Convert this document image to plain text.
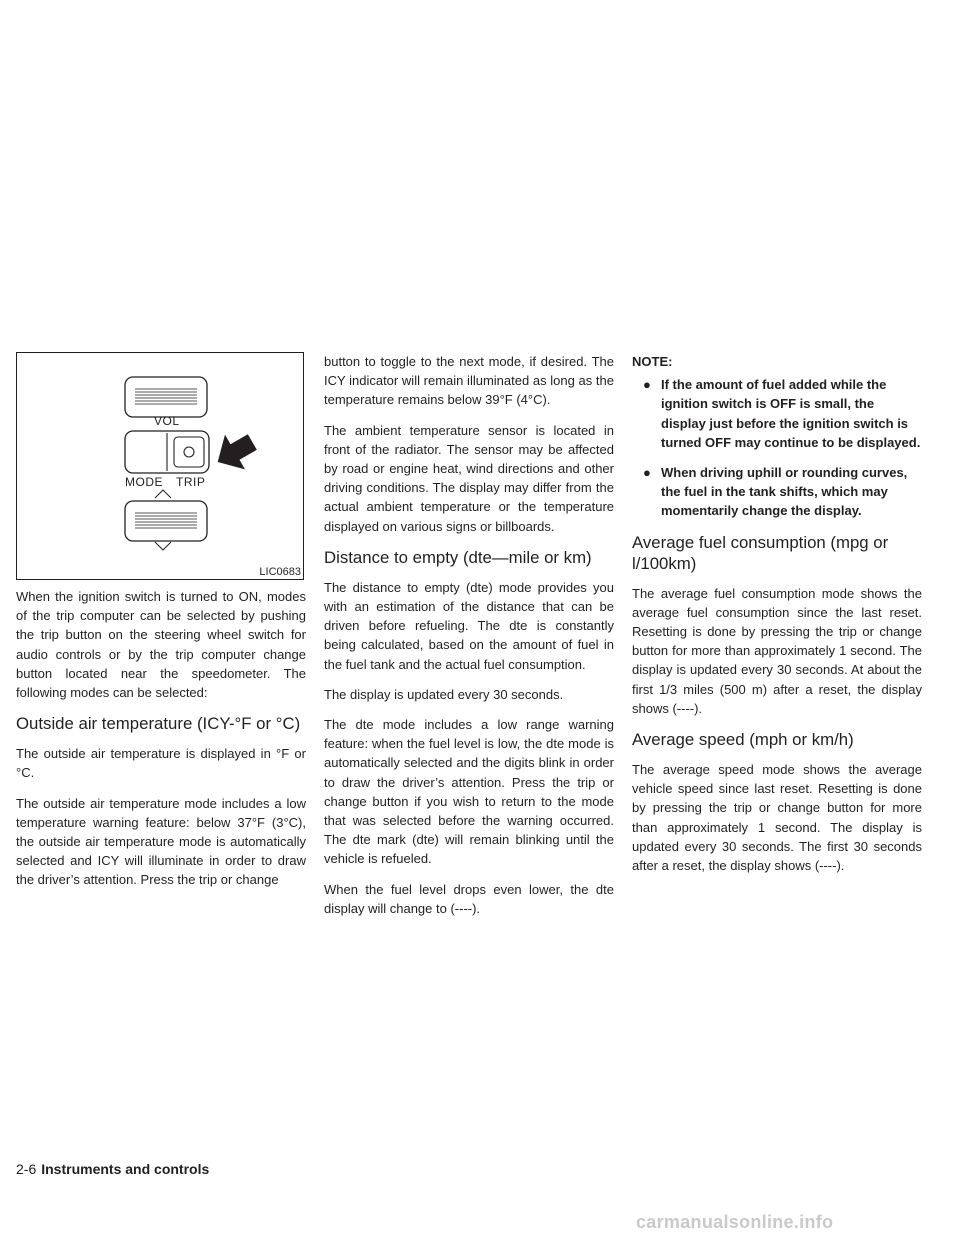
VOL
MODE TRIP
LIC0683

When the ignition switch is turned to ON, modes of the trip computer can be selected by pushing the trip button on the steering wheel switch for audio controls or by the trip computer change button located near the speedometer. The following modes can be selected:

Outside air temperature (ICY-°F or °C)

The outside air temperature is displayed in °F or °C.

The outside air temperature mode includes a low temperature warning feature: below 37°F (3°C), the outside air temperature mode is automatically selected and ICY will illuminate in order to draw the driver’s attention. Press the trip or change

button to toggle to the next mode, if desired. The ICY indicator will remain illuminated as long as the temperature remains below 39°F (4°C).

The ambient temperature sensor is located in front of the radiator. The sensor may be affected by road or engine heat, wind directions and other driving conditions. The display may differ from the actual ambient temperature or the temperature displayed on various signs or billboards.

Distance to empty (dte—mile or km)

The distance to empty (dte) mode provides you with an estimation of the distance that can be driven before refueling. The dte is constantly being calculated, based on the amount of fuel in the fuel tank and the actual fuel consumption.

The display is updated every 30 seconds.

The dte mode includes a low range warning feature: when the fuel level is low, the dte mode is automatically selected and the digits blink in order to draw the driver’s attention. Press the trip or change button if you wish to return to the mode that was selected before the warning occurred. The dte mark (dte) will remain blinking until the vehicle is refueled.

When the fuel level drops even lower, the dte display will change to (----).

NOTE:
● If the amount of fuel added while the ignition switch is OFF is small, the display just before the ignition switch is turned OFF may continue to be displayed.
● When driving uphill or rounding curves, the fuel in the tank shifts, which may momentarily change the display.
Average fuel consumption (mpg or l/100km)

The average fuel consumption mode shows the average fuel consumption since the last reset. Resetting is done by pressing the trip or change button for more than approximately 1 second. The display is updated every 30 seconds. At about the first 1/3 miles (500 m) after a reset, the display shows (----).

Average speed (mph or km/h)

The average speed mode shows the average vehicle speed since last reset. Resetting is done by pressing the trip or change button for more than approximately 1 second. The display is updated every 30 seconds. The first 30 seconds after a reset, the display shows (----).

2-6 Instruments and controls
carmanualsonline.info
